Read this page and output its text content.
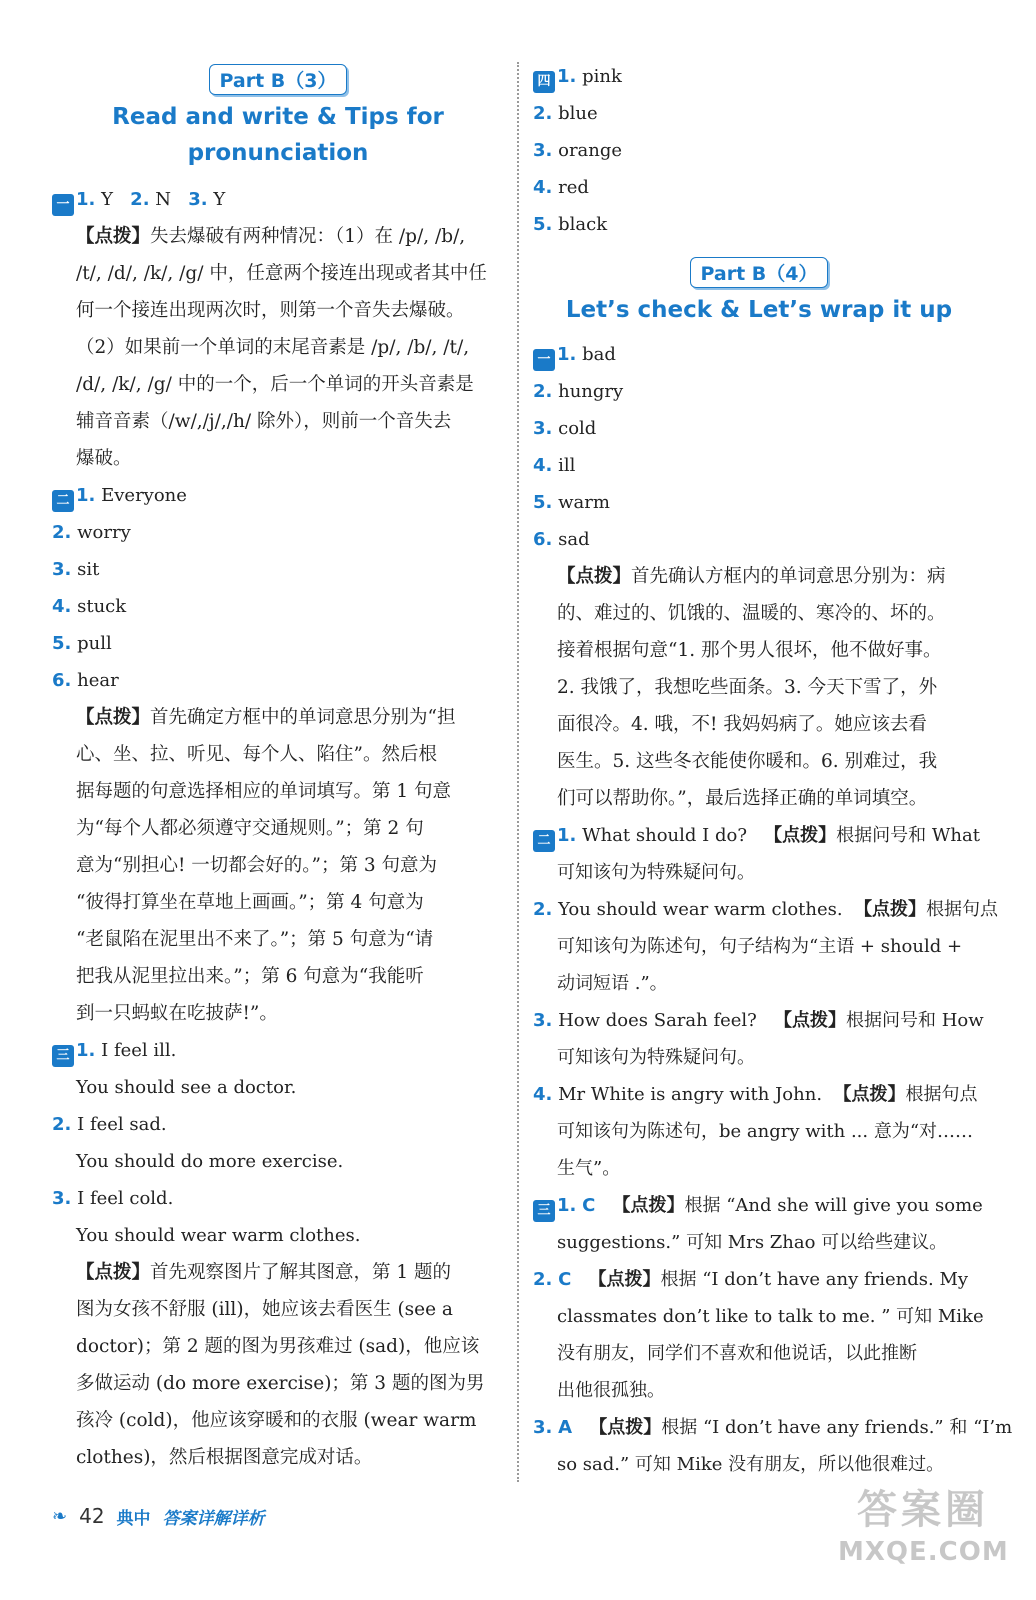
Part B（3）
Read and write & Tips for
pronunciation
一 1. Y 2. N 3. Y
【点拨】失去爆破有两种情况：（1）在 /p/, /b/,
/t/, /d/, /k/, /g/ 中，任意两个接连出现或者其中任
何一个接连出现两次时，则第一个音失去爆破。
（2）如果前一个单词的末尾音素是 /p/, /b/, /t/,
/d/, /k/, /g/ 中的一个，后一个单词的开头音素是
辅音音素（/w/,/j/,/h/ 除外），则前一个音失去
爆破。
二 1. Everyone
2. worry
3. sit
4. stuck
5. pull
6. hear
【点拨】首先确定方框中的单词意思分别为“担
心、坐、拉、听见、每个人、陷住”。然后根
据每题的句意选择相应的单词填写。第 1 句意
为“每个人都必须遵守交通规则。”；第 2 句
意为“别担心! 一切都会好的。”；第 3 句意为
“彼得打算坐在草地上画画。”；第 4 句意为
“老鼠陷在泥里出不来了。”；第 5 句意为“请
把我从泥里拉出来。”；第 6 句意为“我能听
到一只蚂蚁在吃披萨!”。
三 1. I feel ill.
You should see a doctor.
2. I feel sad.
You should do more exercise.
3. I feel cold.
You should wear warm clothes.
【点拨】首先观察图片了解其图意，第 1 题的
图为女孩不舒服 (ill)，她应该去看医生 (see a
doctor)；第 2 题的图为男孩难过 (sad)，他应该
多做运动 (do more exercise)；第 3 题的图为男
孩冷 (cold)，他应该穿暖和的衣服 (wear warm
clothes)，然后根据图意完成对话。
四 1. pink
2. blue
3. orange
4. red
5. black
Part B（4）
Let’s check & Let’s wrap it up
一 1. bad
2. hungry
3. cold
4. ill
5. warm
6. sad
【点拨】首先确认方框内的单词意思分别为：病
的、难过的、饥饿的、温暖的、寒冷的、坏的。
接着根据句意“1. 那个男人很坏，他不做好事。
2. 我饿了，我想吃些面条。3. 今天下雪了，外
面很冷。4. 哦，不! 我妈妈病了。她应该去看
医生。5. 这些冬衣能使你暖和。6. 别难过，我
们可以帮助你。”，最后选择正确的单词填空。
二 1. What should I do? 【点拨】根据问号和 What
可知该句为特殊疑问句。
2. You should wear warm clothes. 【点拨】根据句点
可知该句为陈述句，句子结构为“主语 + should +
动词短语 .”。
3. How does Sarah feel? 【点拨】根据问号和 How
可知该句为特殊疑问句。
4. Mr White is angry with John. 【点拨】根据句点
可知该句为陈述句，be angry with ... 意为“对……
生气”。
三 1. C 【点拨】根据 “And she will give you some
suggestions.” 可知 Mrs Zhao 可以给些建议。
2. C 【点拨】根据 “I don’t have any friends. My
classmates don’t like to talk to me. ” 可知 Mike
没有朋友，同学们不喜欢和他说话，以此推断
出他很孤独。
3. A 【点拨】根据 “I don’t have any friends.” 和 “I’m
so sad.” 可知 Mike 没有朋友，所以他很难过。
❧ 42 典中 答案详解详析	答案圈
MXQE.COM
